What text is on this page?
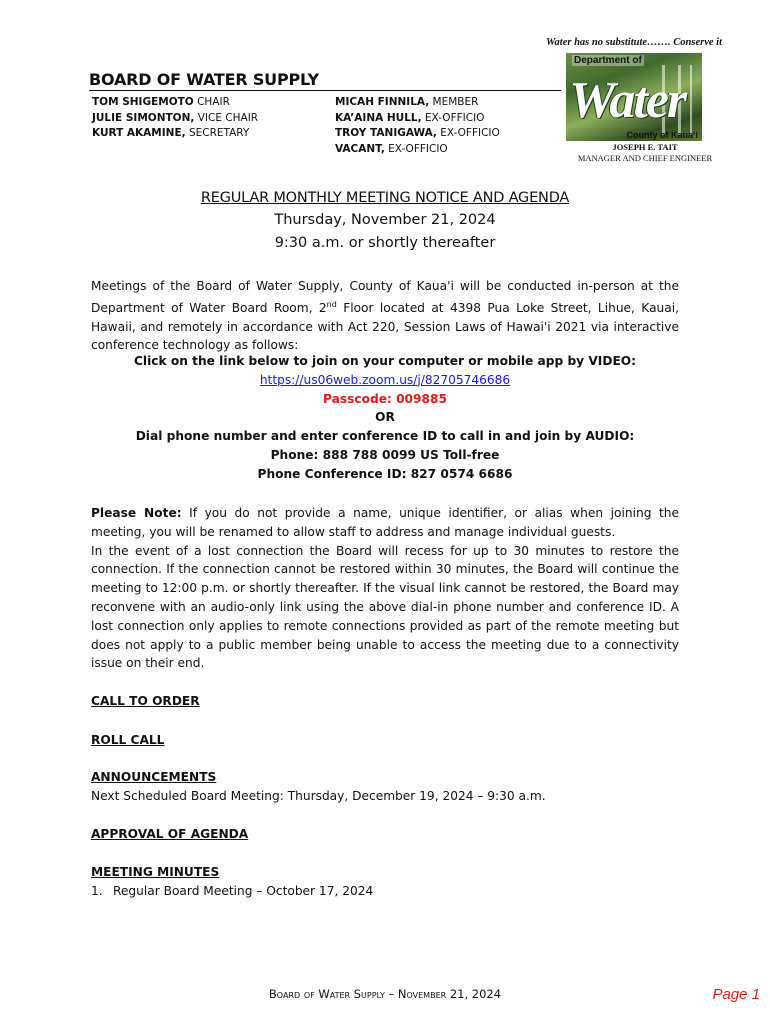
Water has no substitute……. Conserve it
BOARD OF WATER SUPPLY
TOM SHIGEMOTO CHAIR
JULIE SIMONTON, VICE CHAIR
KURT AKAMINE, SECRETARY
MICAH FINNILA, MEMBER
KA’AINA HULL, EX-OFFICIO
TROY TANIGAWA, EX-OFFICIO
VACANT, EX-OFFICIO
Department of
Water
County of Kaua‘i
JOSEPH E. TAIT
MANAGER AND CHIEF ENGINEER
REGULAR MONTHLY MEETING NOTICE AND AGENDA
Thursday, November 21, 2024
9:30 a.m. or shortly thereafter
Meetings of the Board of Water Supply, County of Kaua'i will be conducted in-person at the Department of Water Board Room, 2nd Floor located at 4398 Pua Loke Street, Lihue, Kauai, Hawaii, and remotely in accordance with Act 220, Session Laws of Hawai'i 2021 via interactive conference technology as follows:
Click on the link below to join on your computer or mobile app by VIDEO:
https://us06web.zoom.us/j/82705746686
Passcode: 009885
OR
Dial phone number and enter conference ID to call in and join by AUDIO:
Phone: 888 788 0099 US Toll-free
Phone Conference ID: 827 0574 6686
Please Note: If you do not provide a name, unique identifier, or alias when joining the meeting, you will be renamed to allow staff to address and manage individual guests.
In the event of a lost connection the Board will recess for up to 30 minutes to restore the connection. If the connection cannot be restored within 30 minutes, the Board will continue the meeting to 12:00 p.m. or shortly thereafter. If the visual link cannot be restored, the Board may reconvene with an audio-only link using the above dial-in phone number and conference ID. A lost connection only applies to remote connections provided as part of the remote meeting but does not apply to a public member being unable to access the meeting due to a connectivity issue on their end.
CALL TO ORDER
ROLL CALL
ANNOUNCEMENTS
Next Scheduled Board Meeting: Thursday, December 19, 2024 – 9:30 a.m.
APPROVAL OF AGENDA
MEETING MINUTES
1. Regular Board Meeting – October 17, 2024
Board of Water Supply – November 21, 2024	Page 1
